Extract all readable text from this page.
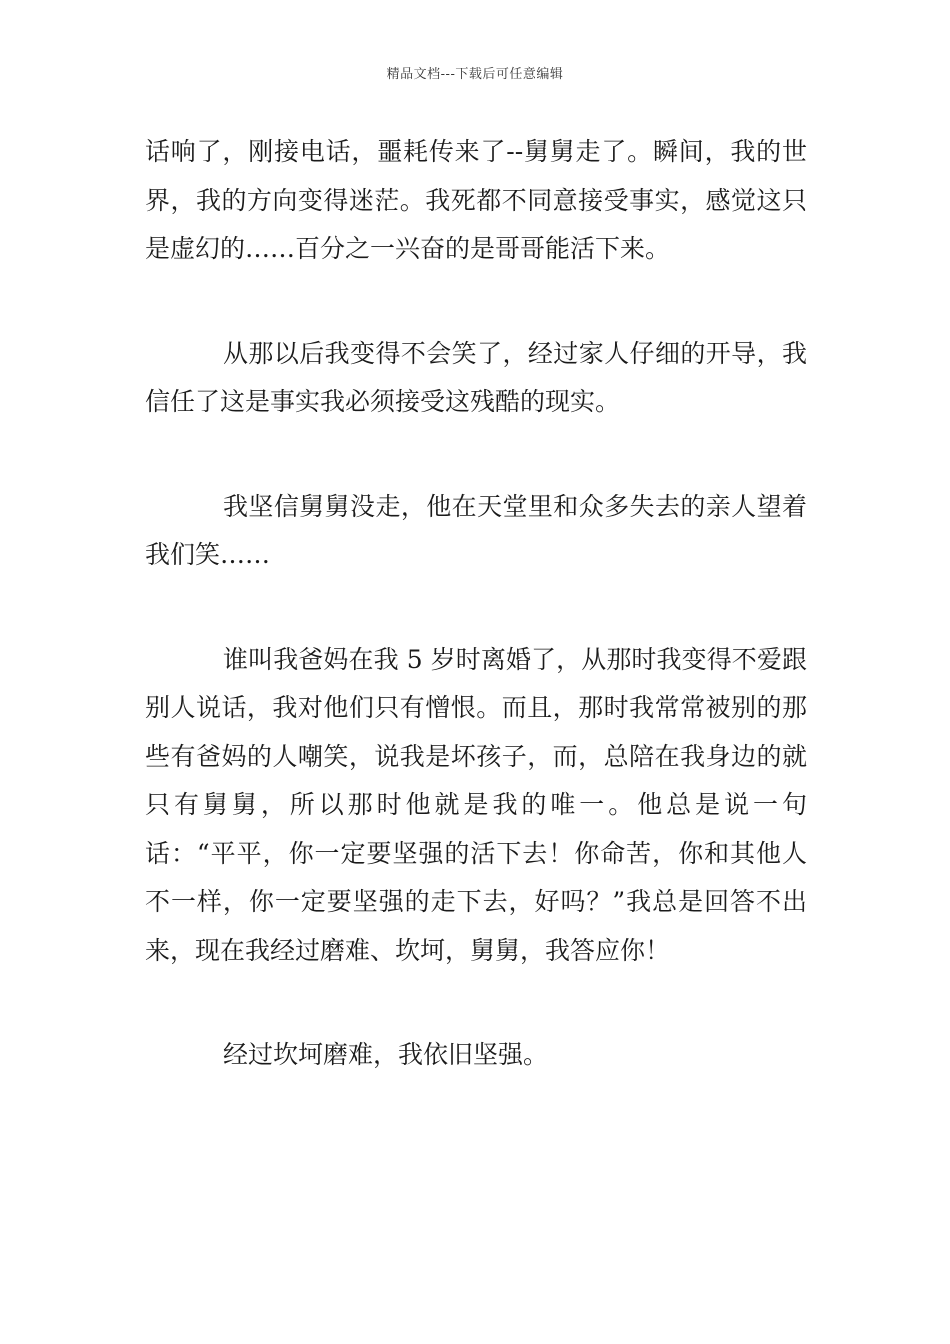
精品文档---下载后可任意编辑

话响了，刚接电话，噩耗传来了--舅舅走了。瞬间，我的世界，我的方向变得迷茫。我死都不同意接受事实，感觉这只是虚幻的……百分之一兴奋的是哥哥能活下来。

从那以后我变得不会笑了，经过家人仔细的开导，我信任了这是事实我必须接受这残酷的现实。

我坚信舅舅没走，他在天堂里和众多失去的亲人望着我们笑……

谁叫我爸妈在我 5 岁时离婚了，从那时我变得不爱跟别人说话，我对他们只有憎恨。而且，那时我常常被别的那些有爸妈的人嘲笑，说我是坏孩子，而，总陪在我身边的就只有舅舅，所以那时他就是我的唯一。他总是说一句话：“平平，你一定要坚强的活下去！你命苦，你和其他人不一样，你一定要坚强的走下去，好吗？”我总是回答不出来，现在我经过磨难、坎坷，舅舅，我答应你！

经过坎坷磨难，我依旧坚强。
